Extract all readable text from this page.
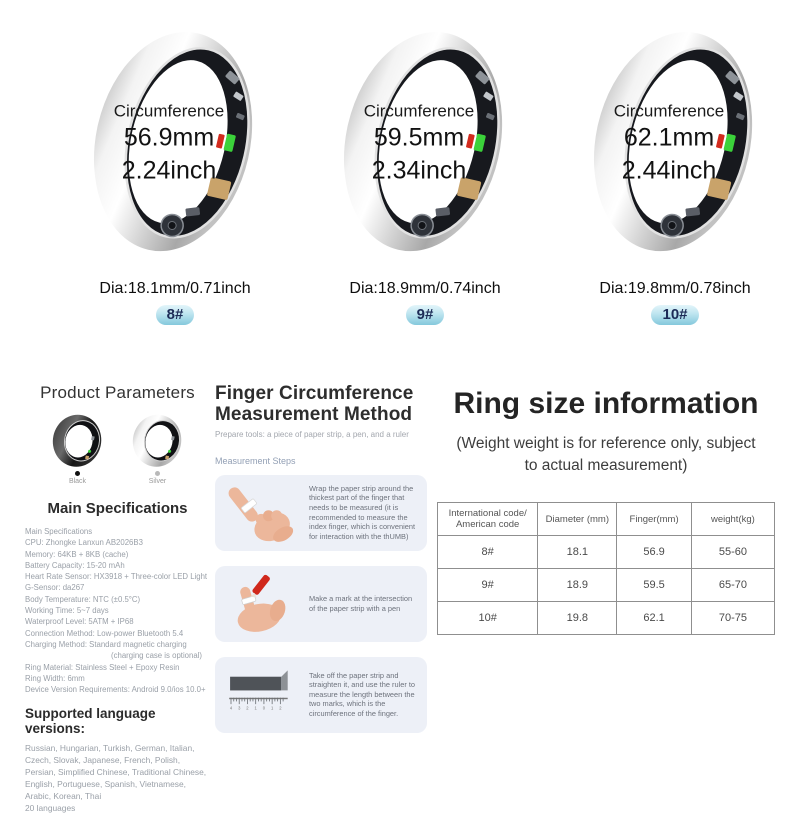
Circumference
56.9mm
2.24inch
Dia:18.1mm/0.71inch
8#
Circumference
59.5mm
2.34inch
Dia:18.9mm/0.74inch
9#
Circumference
62.1mm
2.44inch
Dia:19.8mm/0.78inch
10#
Product Parameters
Black	Silver
Main Specifications
Main Specifications
CPU: Zhongke Lanxun AB2026B3
Memory: 64KB + 8KB (cache)
Battery Capacity: 15-20 mAh
Heart Rate Sensor: HX3918 + Three-color LED Light
G-Sensor: da267
Body Temperature: NTC (±0.5°C)
Working Time: 5~7 days
Waterproof Level: 5ATM + IP68
Connection Method: Low-power Bluetooth 5.4
Charging Method: Standard magnetic charging
(charging case is optional)
Ring Material: Stainless Steel + Epoxy Resin
Ring Width: 6mm
Device Version Requirements: Android 9.0/ios 10.0+
Supported language versions:
Russian, Hungarian, Turkish, German, Italian, Czech, Slovak, Japanese, French, Polish, Persian, Simplified Chinese, Traditional Chinese, English, Portuguese, Spanish, Vietnamese, Arabic, Korean, Thai
20 languages
Finger Circumference Measurement Method
Prepare tools: a piece of paper strip, a pen, and a ruler
Measurement Steps
Wrap the paper strip around the thickest part of the finger that needs to be measured (it is recommended to measure the index finger, which is convenient for interaction with the thUMB)
Make a mark at the intersection of the paper strip with a pen
4 3 2 1 0 1 2
Take off the paper strip and straighten it, and use the ruler to measure the length between the two marks, which is the circumference of the finger.
Ring size information
(Weight weight is for reference only, subject to actual measurement)
International code/ American code	Diameter (mm)	Finger(mm)	weight(kg)
8#	18.1	56.9	55-60
9#	18.9	59.5	65-70
10#	19.8	62.1	70-75
